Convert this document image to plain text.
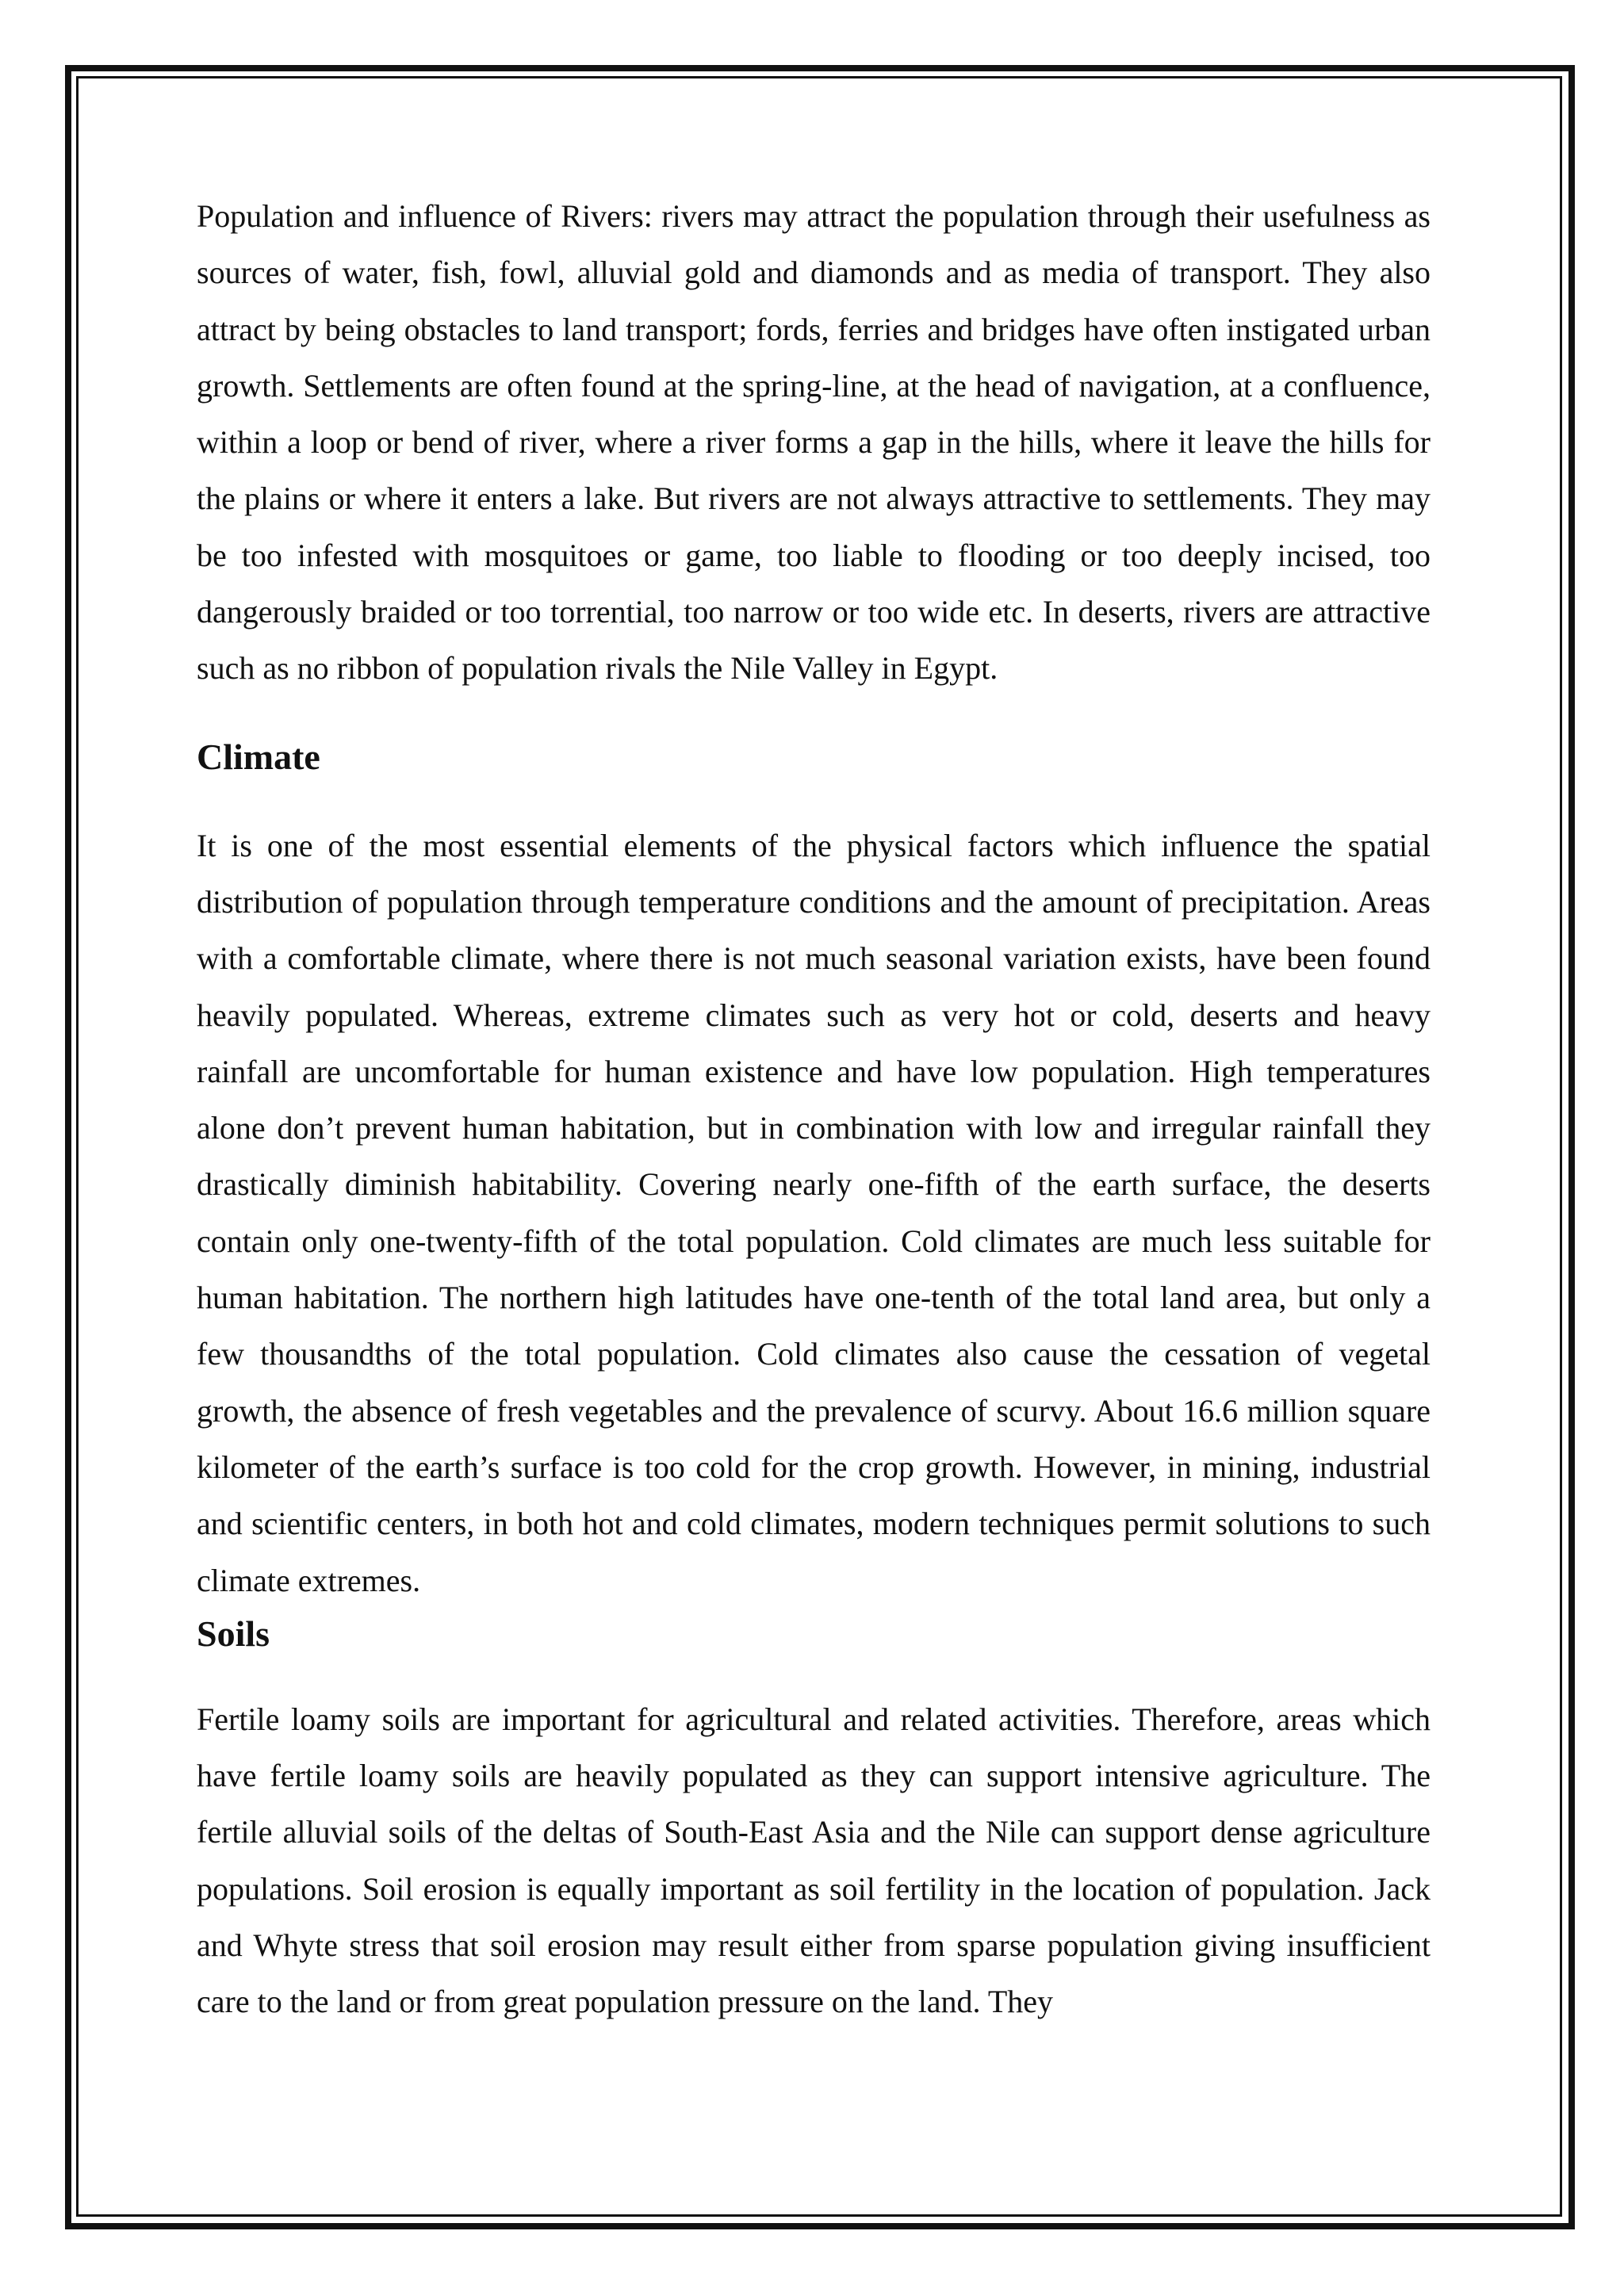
Population and influence of Rivers: rivers may attract the population through their usefulness as sources of water, fish, fowl, alluvial gold and diamonds and as media of transport. They also attract by being obstacles to land transport; fords, ferries and bridges have often instigated urban growth. Settlements are often found at the spring-line, at the head of navigation, at a confluence, within a loop or bend of river, where a river forms a gap in the hills, where it leave the hills for the plains or where it enters a lake. But rivers are not always attractive to settlements. They may be too infested with mosquitoes or game, too liable to flooding or too deeply incised, too dangerously braided or too torrential, too narrow or too wide etc. In deserts, rivers are attractive such as no ribbon of population rivals the Nile Valley in Egypt.

Climate

It is one of the most essential elements of the physical factors which influence the spatial distribution of population through temperature conditions and the amount of precipitation. Areas with a comfortable climate, where there is not much seasonal variation exists, have been found heavily populated. Whereas, extreme climates such as very hot or cold, deserts and heavy rainfall are uncomfortable for human existence and have low population. High temperatures alone don’t prevent human habitation, but in combination with low and irregular rainfall they drastically diminish habitability. Covering nearly one-fifth of the earth surface, the deserts contain only one-twenty-fifth of the total population. Cold climates are much less suitable for human habitation. The northern high latitudes have one-tenth of the total land area, but only a few thousandths of the total population. Cold climates also cause the cessation of vegetal growth, the absence of fresh vegetables and the prevalence of scurvy. About 16.6 million square kilometer of the earth’s surface is too cold for the crop growth. However, in mining, industrial and scientific centers, in both hot and cold climates, modern techniques permit solutions to such climate extremes.

Soils

Fertile loamy soils are important for agricultural and related activities. Therefore, areas which have fertile loamy soils are heavily populated as they can support intensive agriculture. The fertile alluvial soils of the deltas of South-East Asia and the Nile can support dense agriculture populations. Soil erosion is equally important as soil fertility in the location of population. Jack and Whyte stress that soil erosion may result either from sparse population giving insufficient care to the land or from great population pressure on the land. They
